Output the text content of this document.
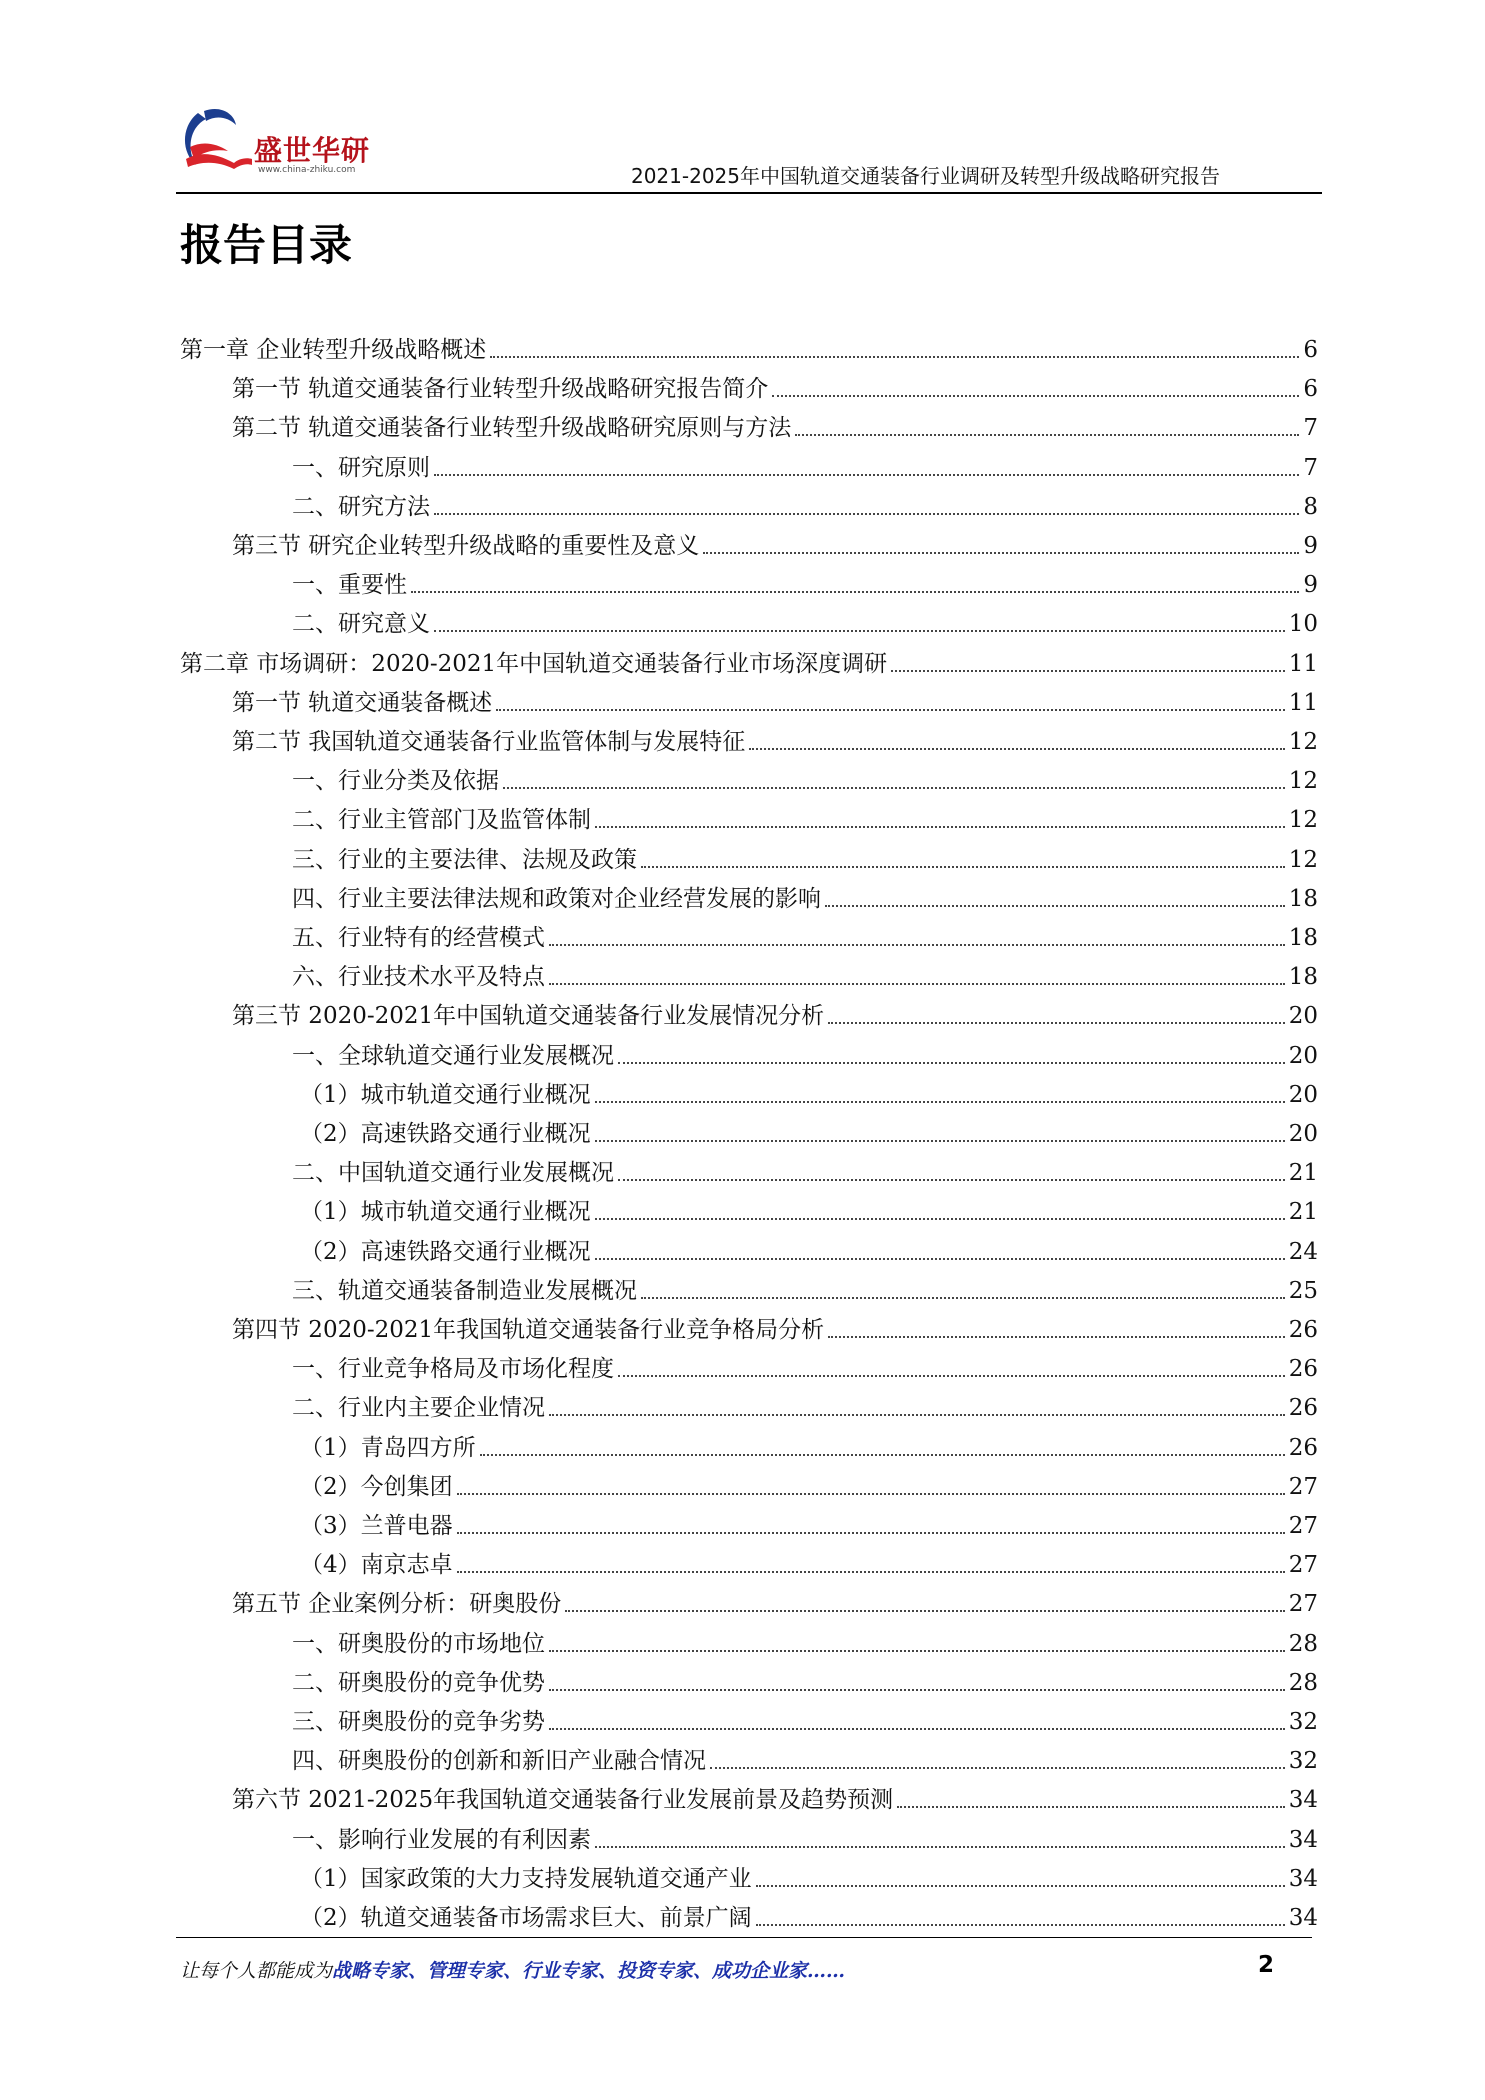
盛世华研
www.china-zhiku.com	2021-2025年中国轨道交通装备行业调研及转型升级战略研究报告
报告目录
第一章 企业转型升级战略概述	6
第一节 轨道交通装备行业转型升级战略研究报告简介	6
第二节 轨道交通装备行业转型升级战略研究原则与方法	7
一、研究原则	7
二、研究方法	8
第三节 研究企业转型升级战略的重要性及意义	9
一、重要性	9
二、研究意义	10
第二章 市场调研：2020-2021年中国轨道交通装备行业市场深度调研	11
第一节 轨道交通装备概述	11
第二节 我国轨道交通装备行业监管体制与发展特征	12
一、行业分类及依据	12
二、行业主管部门及监管体制	12
三、行业的主要法律、法规及政策	12
四、行业主要法律法规和政策对企业经营发展的影响	18
五、行业特有的经营模式	18
六、行业技术水平及特点	18
第三节 2020-2021年中国轨道交通装备行业发展情况分析	20
一、全球轨道交通行业发展概况	20
（1）城市轨道交通行业概况	20
（2）高速铁路交通行业概况	20
二、中国轨道交通行业发展概况	21
（1）城市轨道交通行业概况	21
（2）高速铁路交通行业概况	24
三、轨道交通装备制造业发展概况	25
第四节 2020-2021年我国轨道交通装备行业竞争格局分析	26
一、行业竞争格局及市场化程度	26
二、行业内主要企业情况	26
（1）青岛四方所	26
（2）今创集团	27
（3）兰普电器	27
（4）南京志卓	27
第五节 企业案例分析：研奥股份	27
一、研奥股份的市场地位	28
二、研奥股份的竞争优势	28
三、研奥股份的竞争劣势	32
四、研奥股份的创新和新旧产业融合情况	32
第六节 2021-2025年我国轨道交通装备行业发展前景及趋势预测	34
一、影响行业发展的有利因素	34
（1）国家政策的大力支持发展轨道交通产业	34
（2）轨道交通装备市场需求巨大、前景广阔	34
让每个人都能成为战略专家、管理专家、行业专家、投资专家、成功企业家……	2
